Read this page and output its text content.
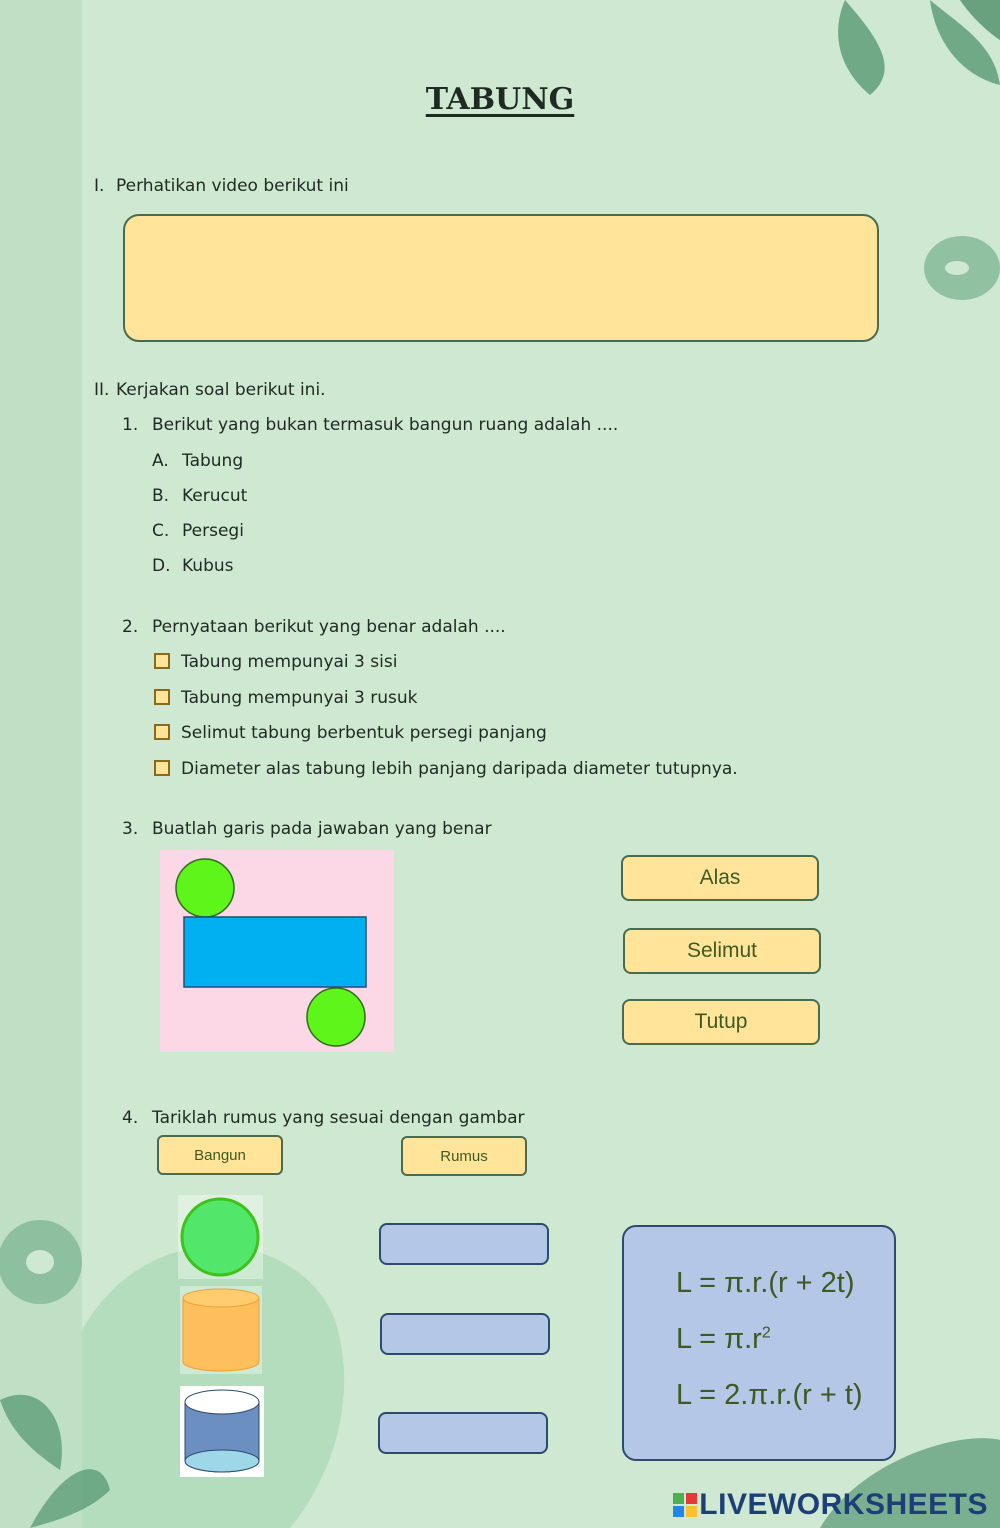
TABUNG
I. Perhatikan video berikut ini
II. Kerjakan soal berikut ini.
1. Berikut yang bukan termasuk bangun ruang adalah ....
A. Tabung
B. Kerucut
C. Persegi
D. Kubus
2. Pernyataan berikut yang benar adalah ....
Tabung mempunyai 3 sisi
Tabung mempunyai 3 rusuk
Selimut tabung berbentuk persegi panjang
Diameter alas tabung lebih panjang daripada diameter tutupnya.
3. Buatlah garis pada jawaban yang benar
Alas
Selimut
Tutup
4. Tariklah rumus yang sesuai dengan gambar
Bangun	Rumus
L = π.r.(r + 2t)
$L = \pi.r^2$
L = 2.π.r.(r + t)
LIVEWORKSHEETS
